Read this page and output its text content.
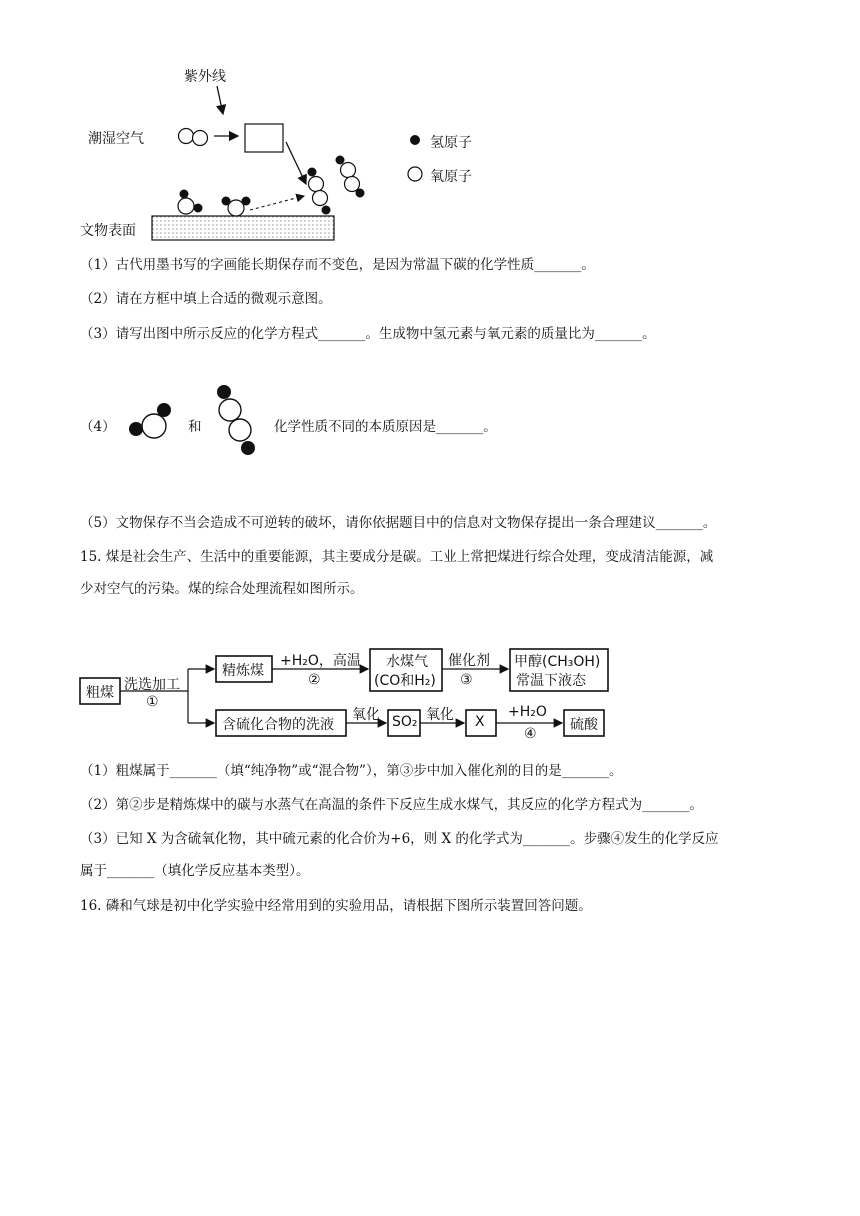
紫外线
潮湿空气
文物表面
氢原子
氧原子
（1）古代用墨书写的字画能长期保存而不变色，是因为常温下碳的化学性质_______。
（2）请在方框中填上合适的微观示意图。
（3）请写出图中所示反应的化学方程式_______。生成物中氢元素与氧元素的质量比为_______。
（4）	和	化学性质不同的本质原因是_______。
（5）文物保存不当会造成不可逆转的破坏，请你依据题目中的信息对文物保存提出一条合理建议_______。
15. 煤是社会生产、生活中的重要能源，其主要成分是碳。工业上常把煤进行综合处理，变成清洁能源，减
少对空气的污染。煤的综合处理流程如图所示。
粗煤 洗选加工
①
精炼煤
+H₂O，高温
②
水煤气
(CO和H₂)
催化剂
③
甲醇(CH₃OH)
常温下液态
含硫化合物的洗液
氧化 SO₂ 氧化 X
+H₂O
④
硫酸
（1）粗煤属于_______（填“纯净物”或“混合物”），第③步中加入催化剂的目的是_______。
（2）第②步是精炼煤中的碳与水蒸气在高温的条件下反应生成水煤气，其反应的化学方程式为_______。
（3）已知 X 为含硫氧化物，其中硫元素的化合价为+6，则 X 的化学式为_______。步骤④发生的化学反应
属于_______（填化学反应基本类型）。
16. 磷和气球是初中化学实验中经常用到的实验用品，请根据下图所示装置回答问题。
